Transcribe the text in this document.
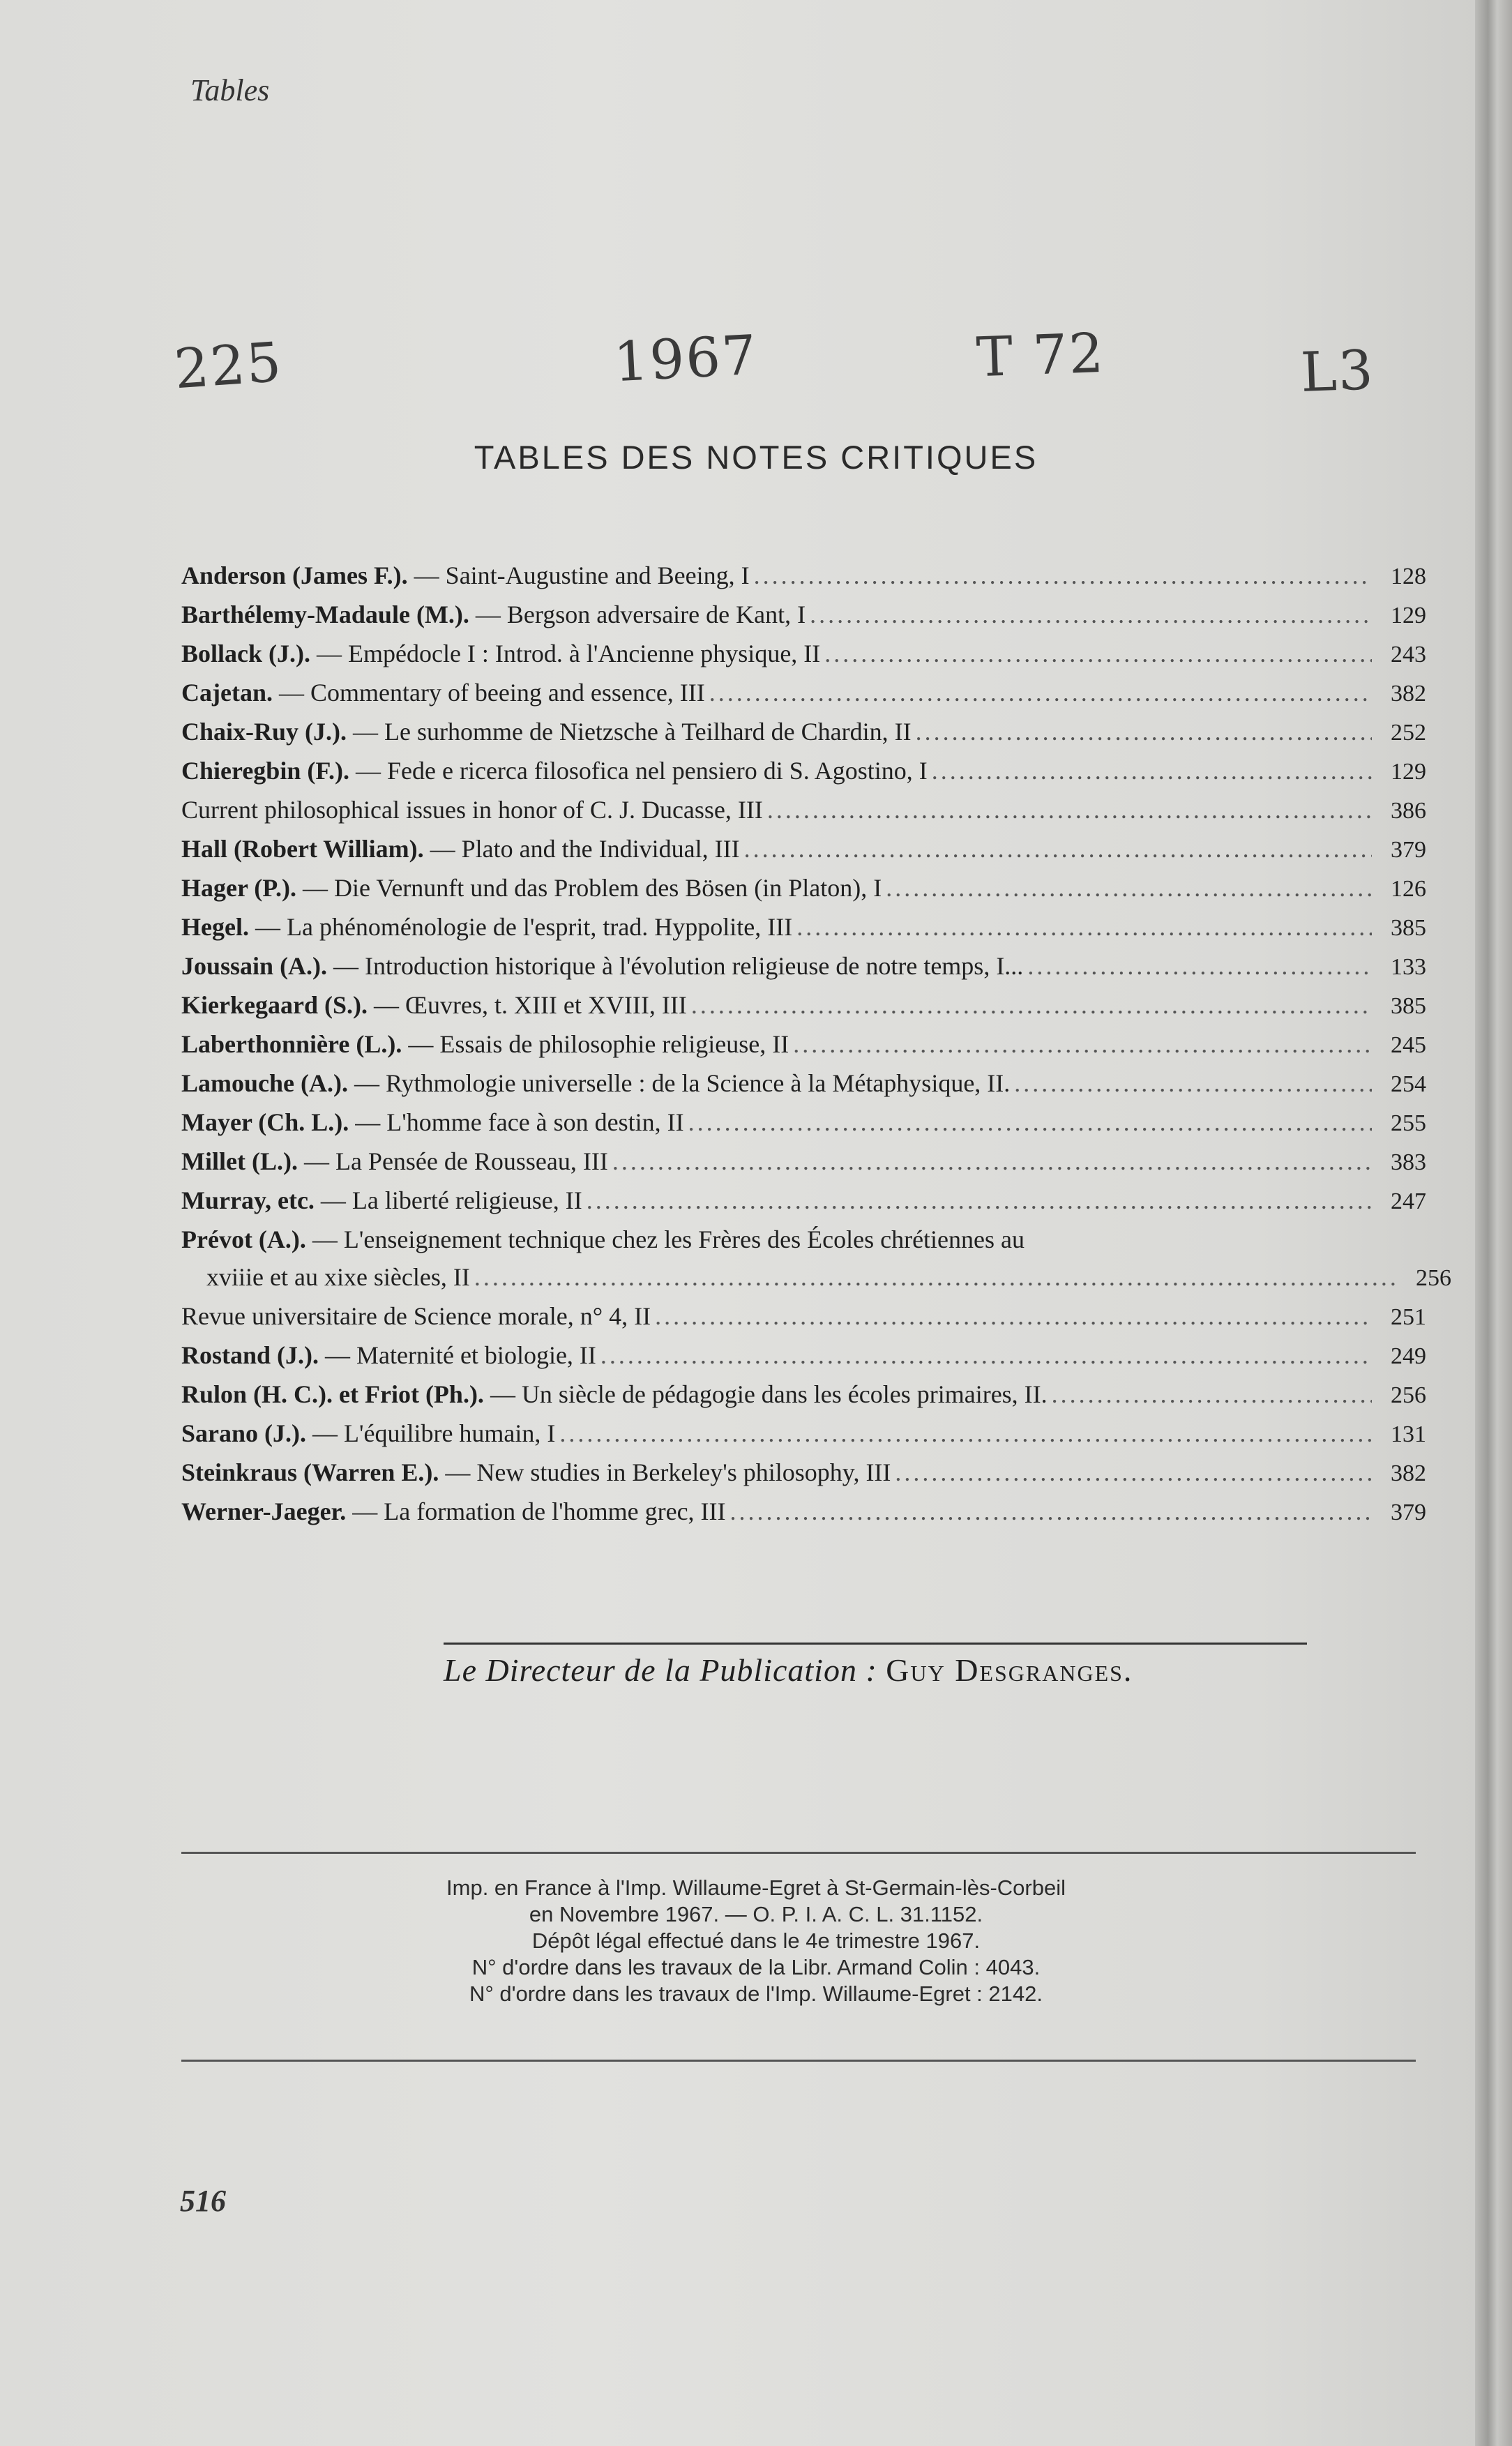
Tables
225	1967	T 72	L3
TABLES DES NOTES CRITIQUES
Anderson (James F.). — Saint-Augustine and Beeing, I .....	128
Barthélemy-Madaule (M.). — Bergson adversaire de Kant, I .....	129
Bollack (J.). — Empédocle I : Introd. à l'Ancienne physique, II .....	243
Cajetan. — Commentary of beeing and essence, III .....	382
Chaix-Ruy (J.). — Le surhomme de Nietzsche à Teilhard de Chardin, II .....	252
Chieregbin (F.). — Fede e ricerca filosofica nel pensiero di S. Agostino, I .....	129
Current philosophical issues in honor of C. J. Ducasse, III .....	386
Hall (Robert William). — Plato and the Individual, III .....	379
Hager (P.). — Die Vernunft und das Problem des Bösen (in Platon), I .....	126
Hegel. — La phénoménologie de l'esprit, trad. Hyppolite, III .....	385
Joussain (A.). — Introduction historique à l'évolution religieuse de notre temps, I... .....	133
Kierkegaard (S.). — Œuvres, t. XIII et XVIII, III .....	385
Laberthonnière (L.). — Essais de philosophie religieuse, II .....	245
Lamouche (A.). — Rythmologie universelle : de la Science à la Métaphysique, II. .....	254
Mayer (Ch. L.). — L'homme face à son destin, II .....	255
Millet (L.). — La Pensée de Rousseau, III .....	383
Murray, etc. — La liberté religieuse, II .....	247
Prévot (A.). — L'enseignement technique chez les Frères des Écoles chrétiennes au
xviiie et au xixe siècles, II .....	256
Revue universitaire de Science morale, n° 4, II .....	251
Rostand (J.). — Maternité et biologie, II .....	249
Rulon (H. C.). et Friot (Ph.). — Un siècle de pédagogie dans les écoles primaires, II. .....	256
Sarano (J.). — L'équilibre humain, I .....	131
Steinkraus (Warren E.). — New studies in Berkeley's philosophy, III .....	382
Werner-Jaeger. — La formation de l'homme grec, III .....	379
Le Directeur de la Publication : Guy Desgranges.
Imp. en France à l'Imp. Willaume-Egret à St-Germain-lès-Corbeil
en Novembre 1967. — O. P. I. A. C. L. 31.1152.
Dépôt légal effectué dans le 4e trimestre 1967.
N° d'ordre dans les travaux de la Libr. Armand Colin : 4043.
N° d'ordre dans les travaux de l'Imp. Willaume-Egret : 2142.
516
